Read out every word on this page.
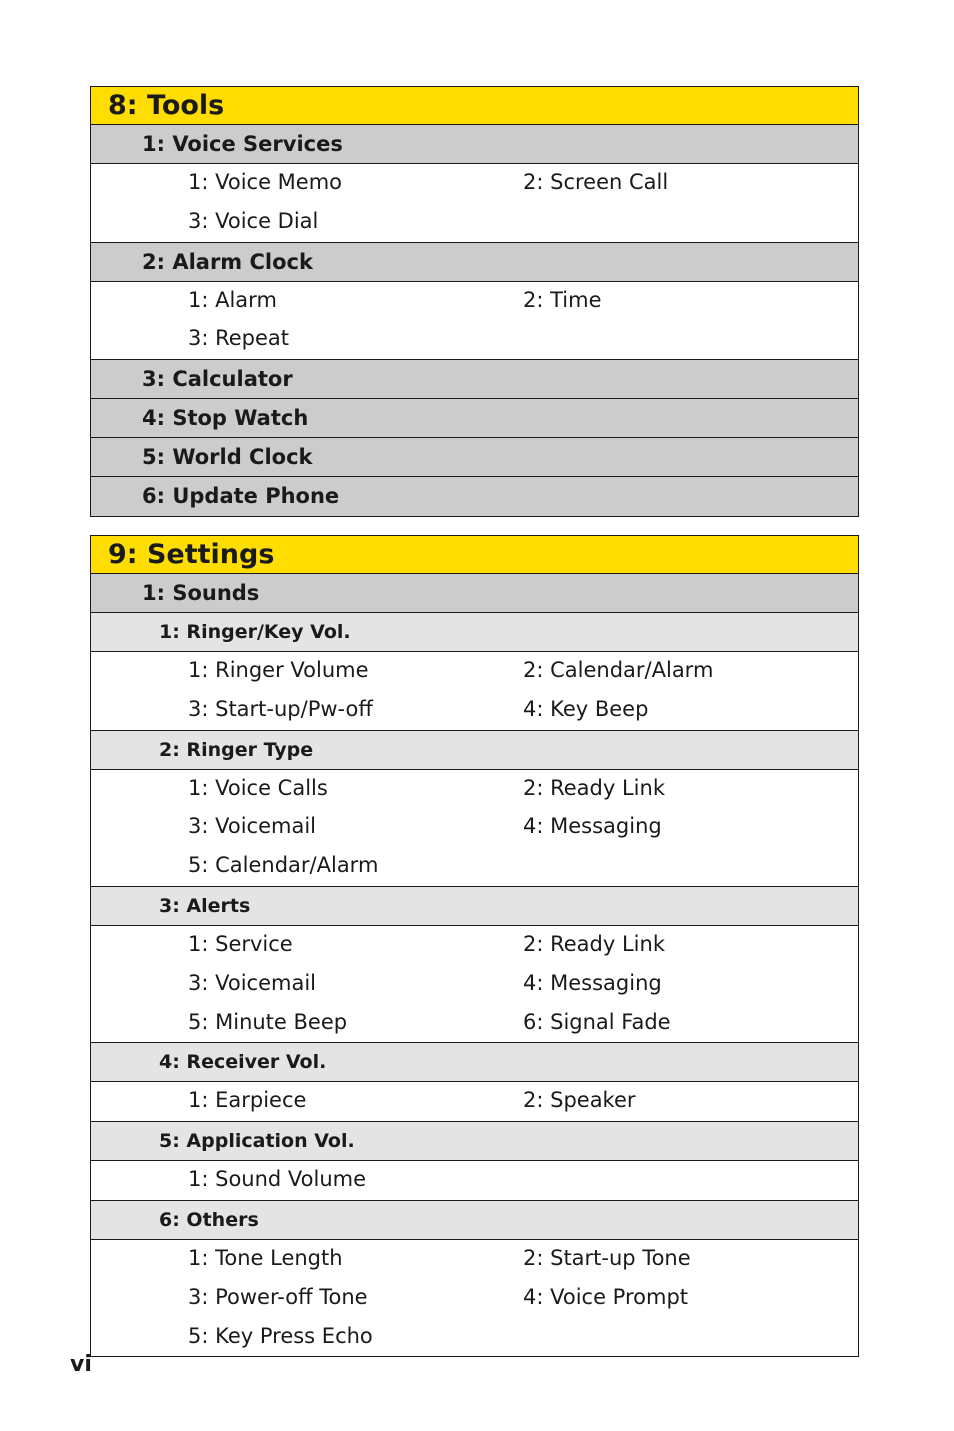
8: Tools
1: Voice Services
1: Voice Memo	2: Screen Call
3: Voice Dial
2: Alarm Clock
1: Alarm	2: Time
3: Repeat
3: Calculator
4: Stop Watch
5: World Clock
6: Update Phone
9: Settings
1: Sounds
1: Ringer/Key Vol.
1: Ringer Volume	2: Calendar/Alarm
3: Start-up/Pw-off	4: Key Beep
2: Ringer Type
1: Voice Calls	2: Ready Link
3: Voicemail	4: Messaging
5: Calendar/Alarm
3: Alerts
1: Service	2: Ready Link
3: Voicemail	4: Messaging
5: Minute Beep	6: Signal Fade
4: Receiver Vol.
1: Earpiece	2: Speaker
5: Application Vol.
1: Sound Volume
6: Others
1: Tone Length	2: Start-up Tone
3: Power-off Tone	4: Voice Prompt
5: Key Press Echo
vi
